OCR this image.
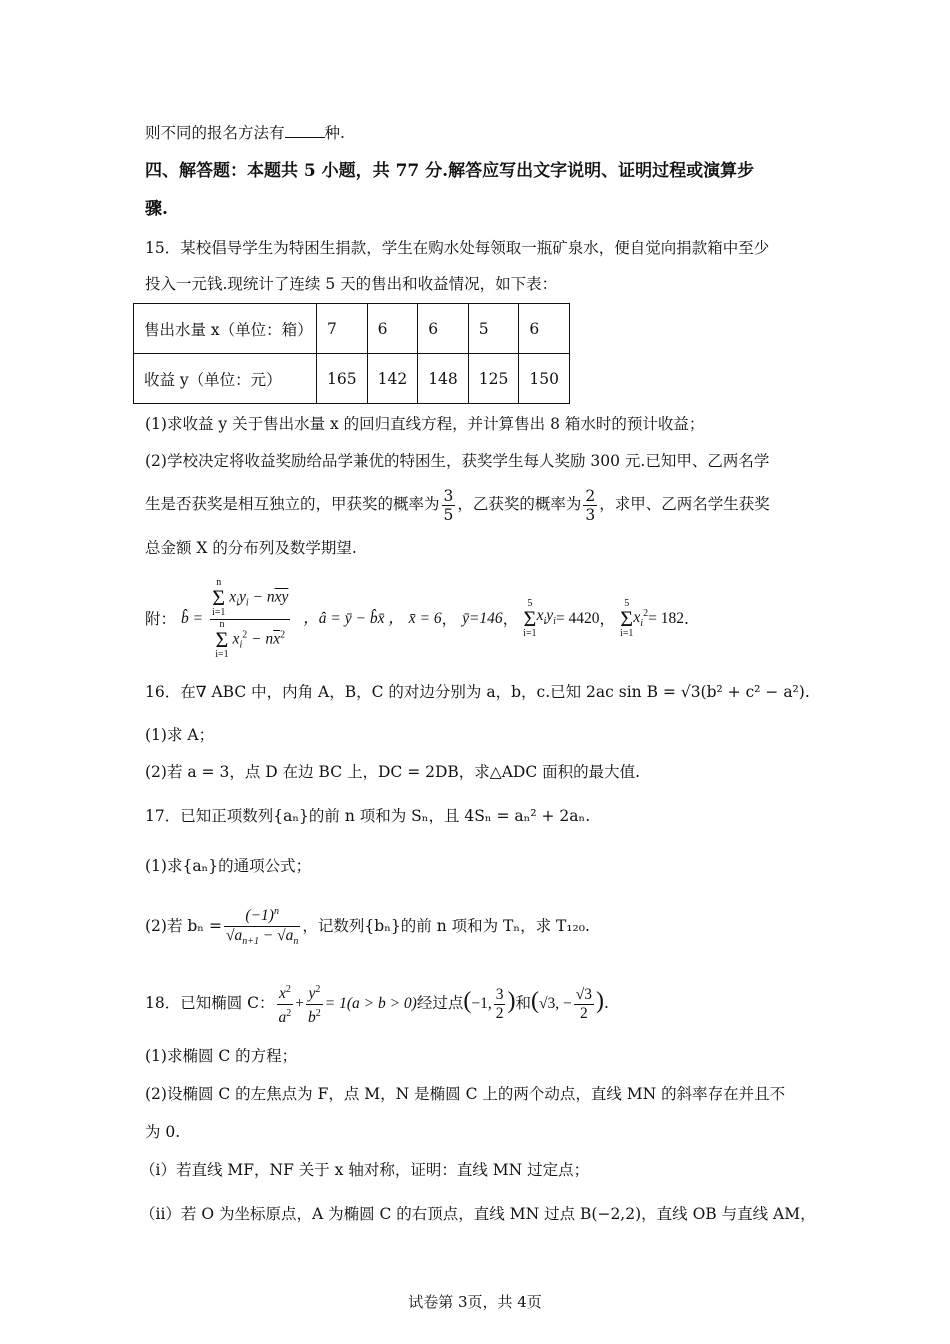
则不同的报名方法有	种.
四、解答题：本题共 5 小题，共 77 分.解答应写出文字说明、证明过程或演算步
骤.
15．某校倡导学生为特困生捐款，学生在购水处每领取一瓶矿泉水，便自觉向捐款箱中至少
投入一元钱.现统计了连续 5 天的售出和收益情况，如下表：
售出水量 x（单位：箱）	7	6	6	5	6
收益 y（单位：元）	165	142	148	125	150
(1)求收益 y 关于售出水量 x 的回归直线方程，并计算售出 8 箱水时的预计收益；
(2)学校决定将收益奖励给品学兼优的特困生，获奖学生每人奖励 300 元.已知甲、乙两名学
生是否获奖是相互独立的，甲获奖的概率为 $\frac{3}{5}$ ，乙获奖的概率为 $\frac{2}{3}$ ，求甲、乙两名学生获奖
总金额 X 的分布列及数学期望.
附： b̂ = n
Σ
i=1 $x_iy_i - n\overline{xy}$
n
Σ
i=1 $x_i^2 - n\overline{x}^2$ ，â = ȳ − b̂x̄ ， x̄ = 6， ȳ=146， 5
Σ
$i=1x_iy_i= 4420$， 5
Σ
$i=1x_i^2= 182$.
16．在∇ ABC 中，内角 A，B，C 的对边分别为 a，b，c.已知 2ac sin B = √3(b² + c² − a²).
(1)求 A；
(2)若 a = 3，点 D 在边 BC 上，DC = 2DB，求△ADC 面积的最大值.
17．已知正项数列{aₙ}的前 n 项和为 Sₙ，且 4Sₙ = aₙ² + 2aₙ.
(1)求{aₙ}的通项公式；
(2)若 $b_n = \frac{(-1)^n}{√a_{n+1} - √a_n}$ ，记数列{bₙ}的前 n 项和为 Tₙ，求 T₁₂₀.
18．已知椭圆 C： $\frac{x^2}{a^2} + \frac{y^2}{b^2} = 1(a > b > 0)$经过点(−1, $\frac{3}{2}$ )和(√3, − $\frac{√3}{2}$ ).
(1)求椭圆 C 的方程；
(2)设椭圆 C 的左焦点为 F，点 M，N 是椭圆 C 上的两个动点，直线 MN 的斜率存在并且不
为 0.
（i）若直线 MF，NF 关于 x 轴对称，证明：直线 MN 过定点；
（ii）若 O 为坐标原点，A 为椭圆 C 的右顶点，直线 MN 过点 B(−2,2)，直线 OB 与直线 AM，
试卷第 3页，共 4页
